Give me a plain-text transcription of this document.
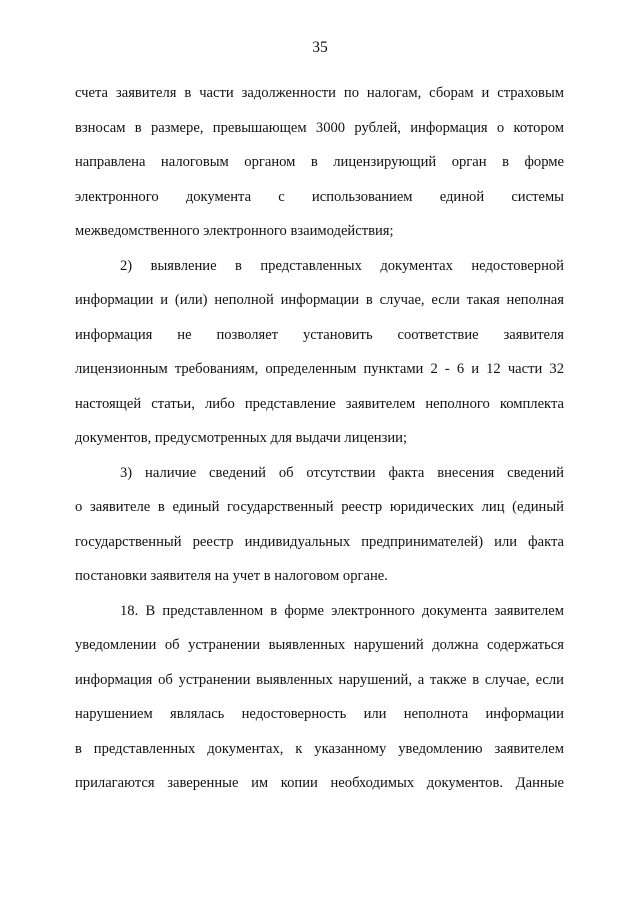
35
счета заявителя в части задолженности по налогам, сборам и страховым
взносам в размере, превышающем 3000 рублей, информация о котором
направлена налоговым органом в лицензирующий орган в форме
электронного документа с использованием единой системы
межведомственного электронного взаимодействия;
2) выявление в представленных документах недостоверной
информации и (или) неполной информации в случае, если такая неполная
информация не позволяет установить соответствие заявителя
лицензионным требованиям, определенным пунктами 2 - 6 и 12 части 32
настоящей статьи, либо представление заявителем неполного комплекта
документов, предусмотренных для выдачи лицензии;
3) наличие сведений об отсутствии факта внесения сведений
о заявителе в единый государственный реестр юридических лиц (единый
государственный реестр индивидуальных предпринимателей) или факта
постановки заявителя на учет в налоговом органе.
18. В представленном в форме электронного документа заявителем
уведомлении об устранении выявленных нарушений должна содержаться
информация об устранении выявленных нарушений, а также в случае, если
нарушением являлась недостоверность или неполнота информации
в представленных документах, к указанному уведомлению заявителем
прилагаются заверенные им копии необходимых документов. Данные
